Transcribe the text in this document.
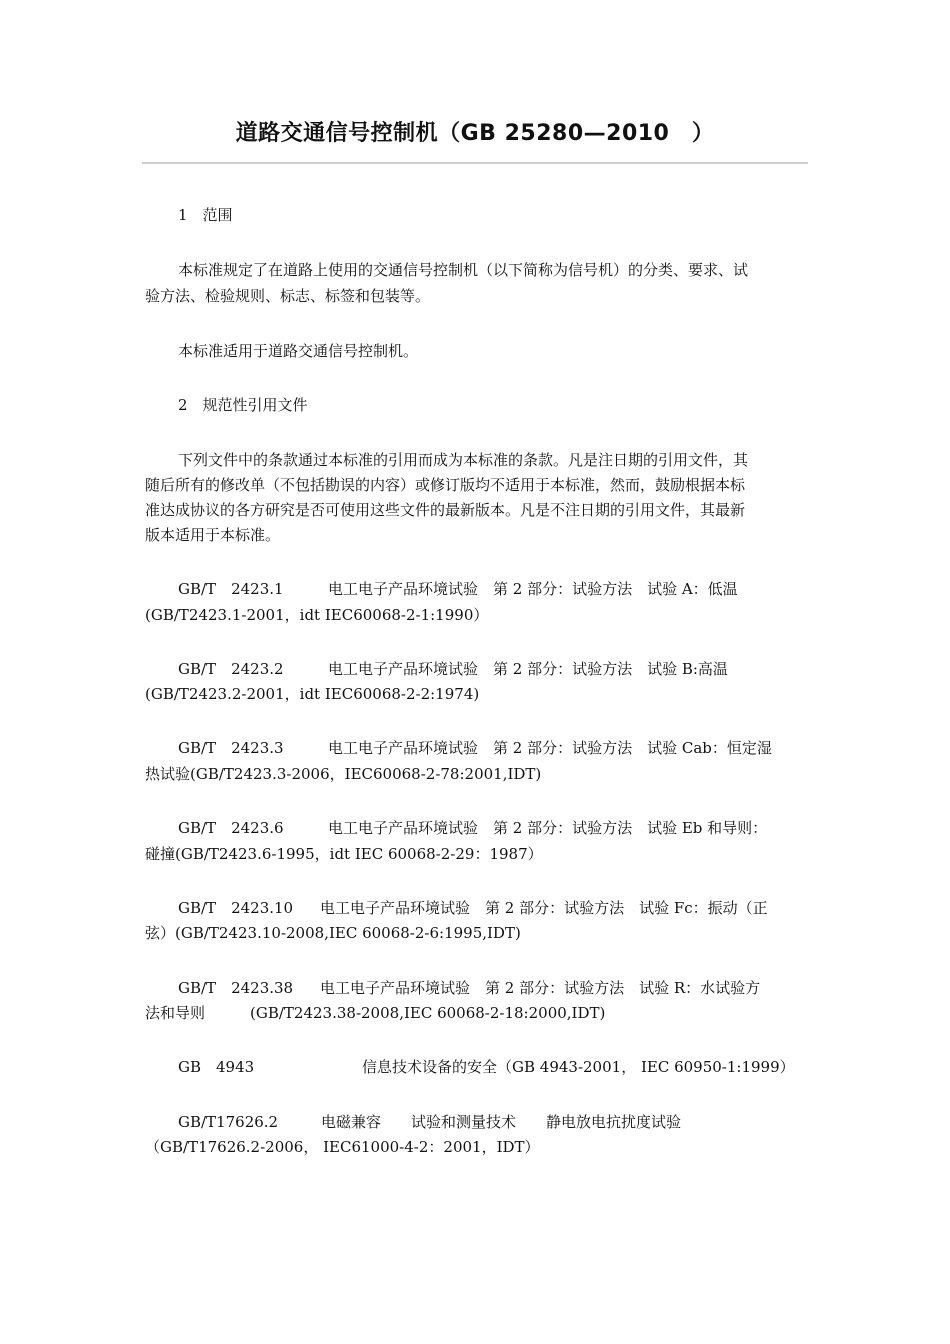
道路交通信号控制机（GB 25280—2010　）
1　范围
本标准规定了在道路上使用的交通信号控制机（以下简称为信号机）的分类、要求、试
验方法、检验规则、标志、标签和包装等。
本标准适用于道路交通信号控制机。
2　规范性引用文件
下列文件中的条款通过本标准的引用而成为本标准的条款。凡是注日期的引用文件，其
随后所有的修改单（不包括勘误的内容）或修订版均不适用于本标准，然而，鼓励根据本标
准达成协议的各方研究是否可使用这些文件的最新版本。凡是不注日期的引用文件，其最新
版本适用于本标准。
GB/T　2423.1	电工电子产品环境试验　第 2 部分：试验方法　试验 A：低温
(GB/T2423.1-2001，idt IEC60068-2-1:1990）
GB/T　2423.2	电工电子产品环境试验　第 2 部分：试验方法　试验 B:高温
(GB/T2423.2-2001，idt IEC60068-2-2:1974)
GB/T　2423.3	电工电子产品环境试验　第 2 部分：试验方法　试验 Cab：恒定湿
热试验(GB/T2423.3-2006，IEC60068-2-78:2001,IDT)
GB/T　2423.6	电工电子产品环境试验　第 2 部分：试验方法　试验 Eb 和导则：
碰撞(GB/T2423.6-1995，idt IEC 60068-2-29：1987）
GB/T　2423.10 电工电子产品环境试验　第 2 部分：试验方法　试验 Fc：振动（正
弦）(GB/T2423.10-2008,IEC 60068-2-6:1995,IDT)
GB/T　2423.38 电工电子产品环境试验　第 2 部分：试验方法　试验 R：水试验方
法和导则　　　(GB/T2423.38-2008,IEC 60068-2-18:2000,IDT)
GB　4943	信息技术设备的安全（GB 4943-2001， IEC 60950-1:1999）
GB/T17626.2	电磁兼容　　试验和测量技术　　静电放电抗扰度试验
（GB/T17626.2-2006， IEC61000-4-2：2001，IDT）
